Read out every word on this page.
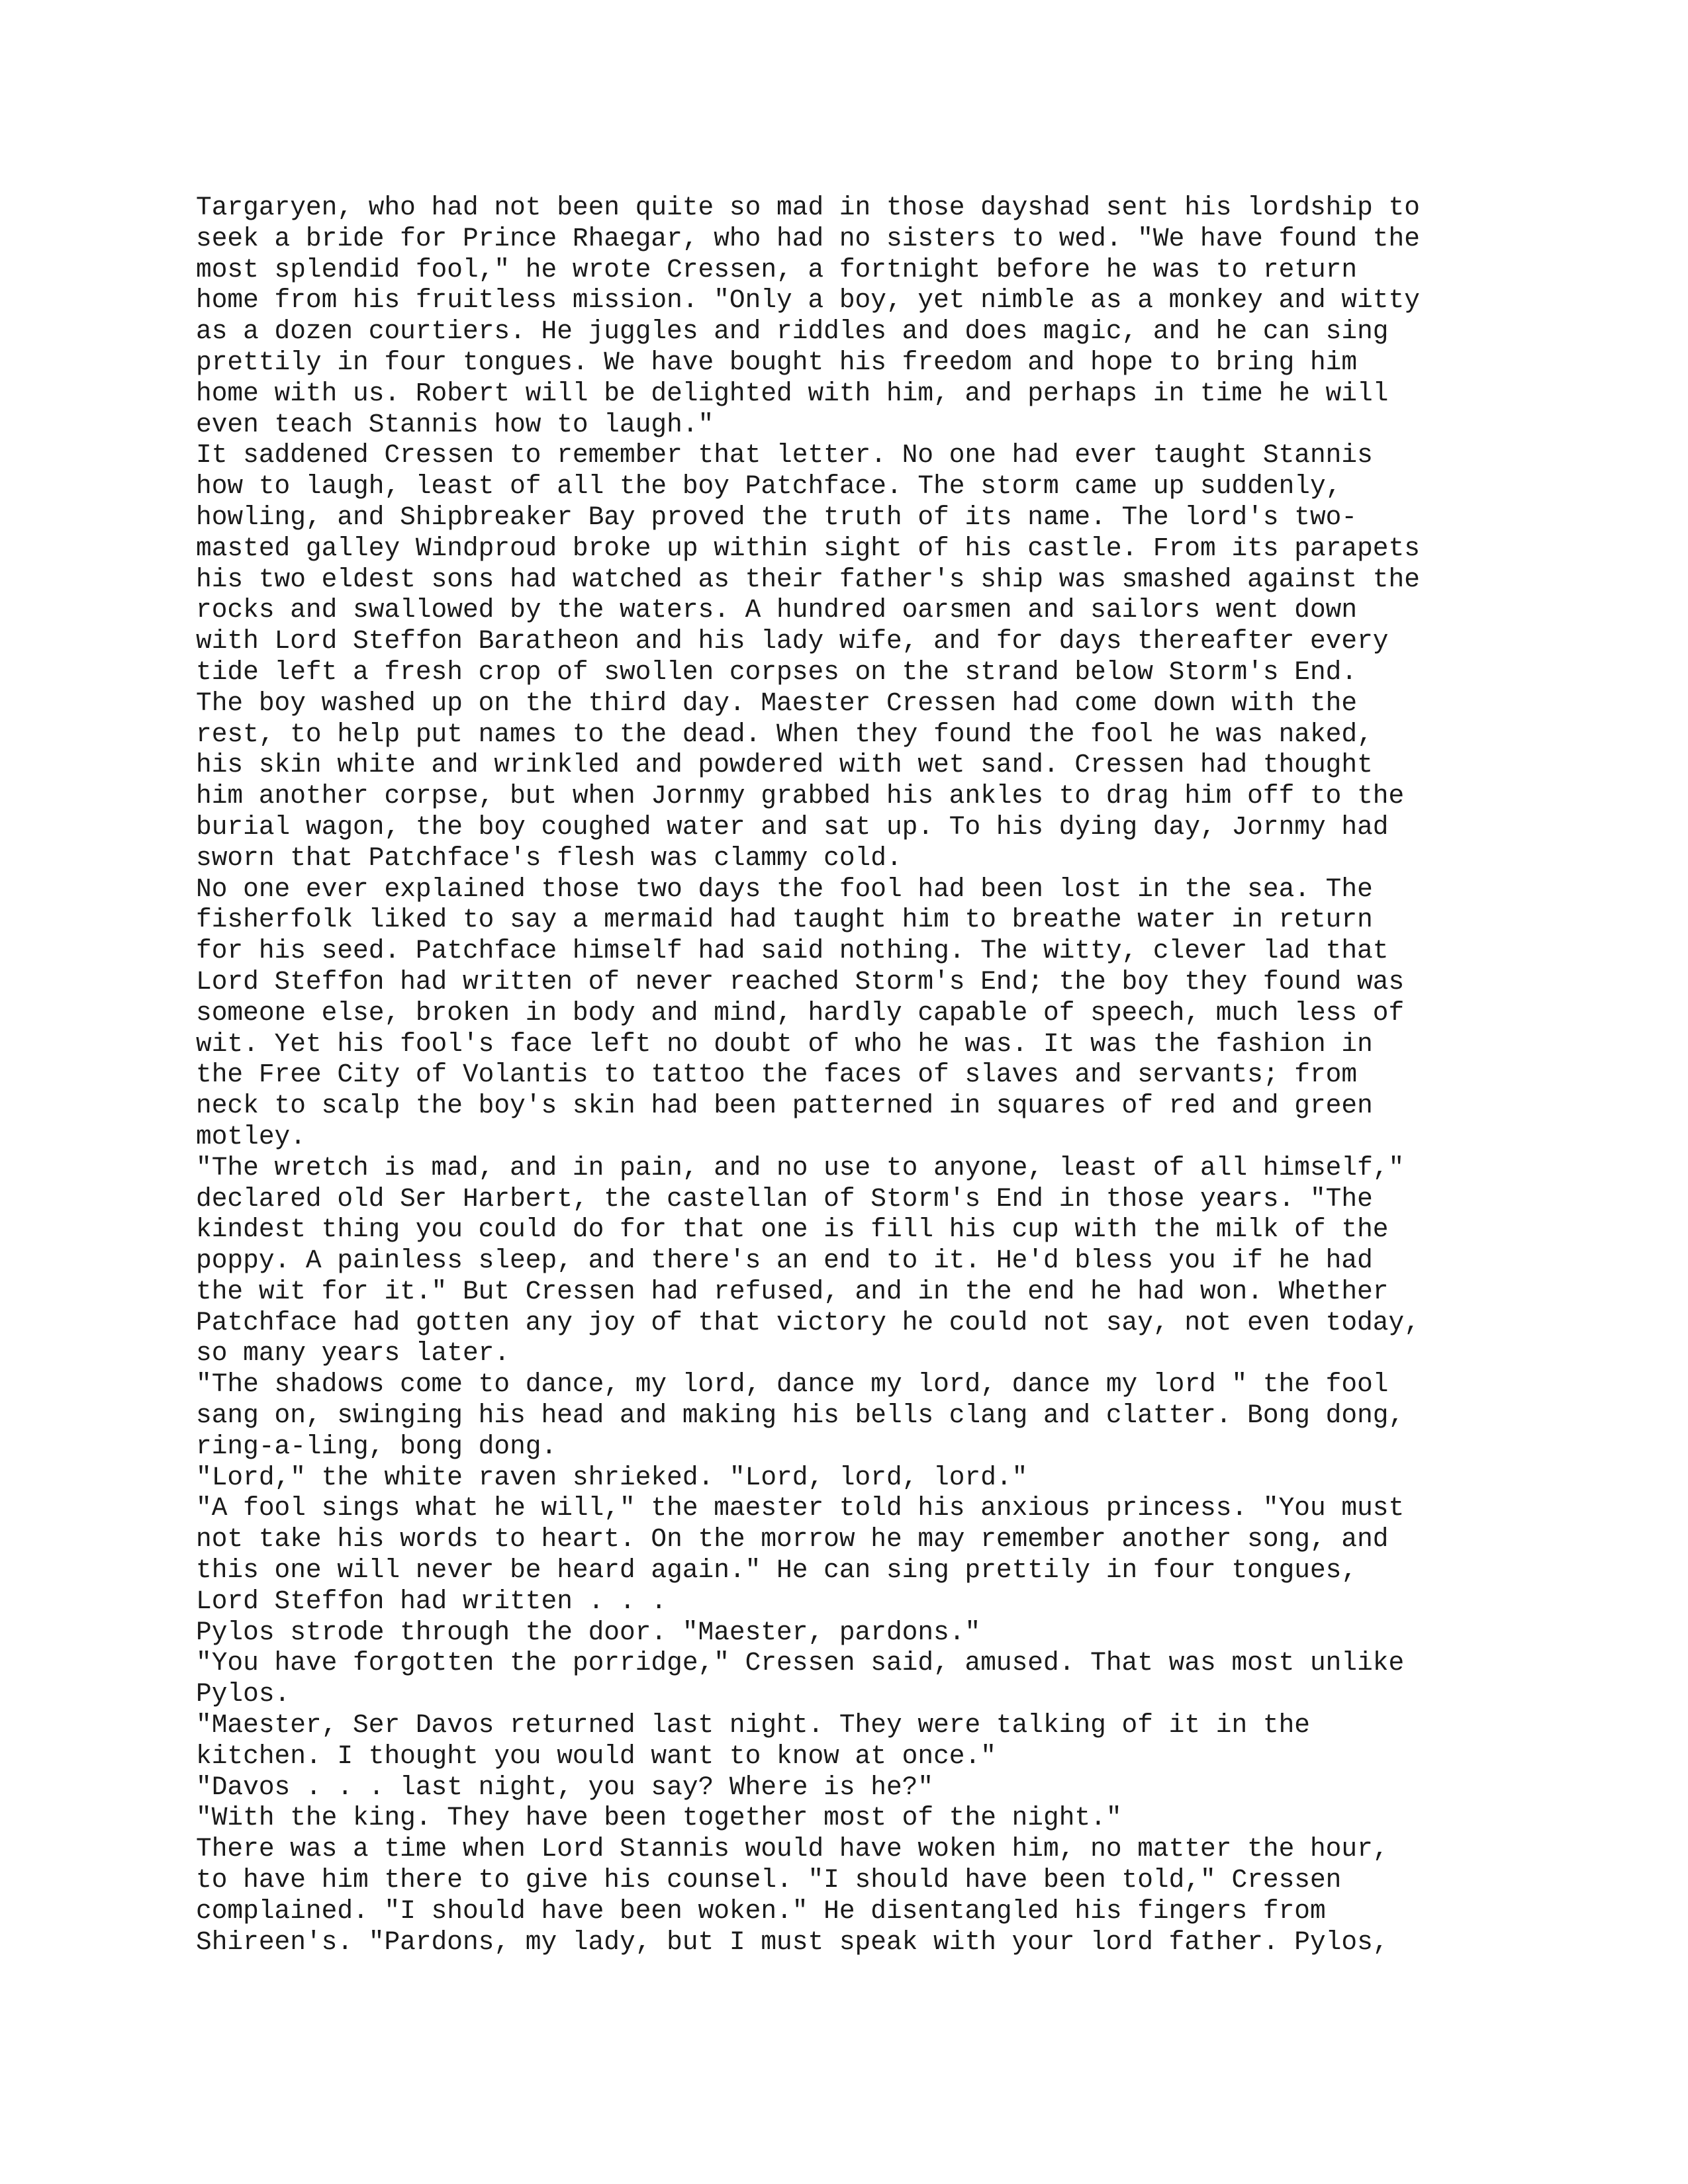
Targaryen, who had not been quite so mad in those dayshad sent his lordship to
seek a bride for Prince Rhaegar, who had no sisters to wed. "We have found the
most splendid fool," he wrote Cressen, a fortnight before he was to return
home from his fruitless mission. "Only a boy, yet nimble as a monkey and witty
as a dozen courtiers. He juggles and riddles and does magic, and he can sing
prettily in four tongues. We have bought his freedom and hope to bring him
home with us. Robert will be delighted with him, and perhaps in time he will
even teach Stannis how to laugh."
It saddened Cressen to remember that letter. No one had ever taught Stannis
how to laugh, least of all the boy Patchface. The storm came up suddenly,
howling, and Shipbreaker Bay proved the truth of its name. The lord's two-
masted galley Windproud broke up within sight of his castle. From its parapets
his two eldest sons had watched as their father's ship was smashed against the
rocks and swallowed by the waters. A hundred oarsmen and sailors went down
with Lord Steffon Baratheon and his lady wife, and for days thereafter every
tide left a fresh crop of swollen corpses on the strand below Storm's End.
The boy washed up on the third day. Maester Cressen had come down with the
rest, to help put names to the dead. When they found the fool he was naked,
his skin white and wrinkled and powdered with wet sand. Cressen had thought
him another corpse, but when Jornmy grabbed his ankles to drag him off to the
burial wagon, the boy coughed water and sat up. To his dying day, Jornmy had
sworn that Patchface's flesh was clammy cold.
No one ever explained those two days the fool had been lost in the sea. The
fisherfolk liked to say a mermaid had taught him to breathe water in return
for his seed. Patchface himself had said nothing. The witty, clever lad that
Lord Steffon had written of never reached Storm's End; the boy they found was
someone else, broken in body and mind, hardly capable of speech, much less of
wit. Yet his fool's face left no doubt of who he was. It was the fashion in
the Free City of Volantis to tattoo the faces of slaves and servants; from
neck to scalp the boy's skin had been patterned in squares of red and green
motley.
"The wretch is mad, and in pain, and no use to anyone, least of all himself,"
declared old Ser Harbert, the castellan of Storm's End in those years. "The
kindest thing you could do for that one is fill his cup with the milk of the
poppy. A painless sleep, and there's an end to it. He'd bless you if he had
the wit for it." But Cressen had refused, and in the end he had won. Whether
Patchface had gotten any joy of that victory he could not say, not even today,
so many years later.
"The shadows come to dance, my lord, dance my lord, dance my lord " the fool
sang on, swinging his head and making his bells clang and clatter. Bong dong,
ring-a-ling, bong dong.
"Lord," the white raven shrieked. "Lord, lord, lord."
"A fool sings what he will," the maester told his anxious princess. "You must
not take his words to heart. On the morrow he may remember another song, and
this one will never be heard again." He can sing prettily in four tongues,
Lord Steffon had written . . .
Pylos strode through the door. "Maester, pardons."
"You have forgotten the porridge," Cressen said, amused. That was most unlike
Pylos.
"Maester, Ser Davos returned last night. They were talking of it in the
kitchen. I thought you would want to know at once."
"Davos . . . last night, you say? Where is he?"
"With the king. They have been together most of the night."
There was a time when Lord Stannis would have woken him, no matter the hour,
to have him there to give his counsel. "I should have been told," Cressen
complained. "I should have been woken." He disentangled his fingers from
Shireen's. "Pardons, my lady, but I must speak with your lord father. Pylos,
